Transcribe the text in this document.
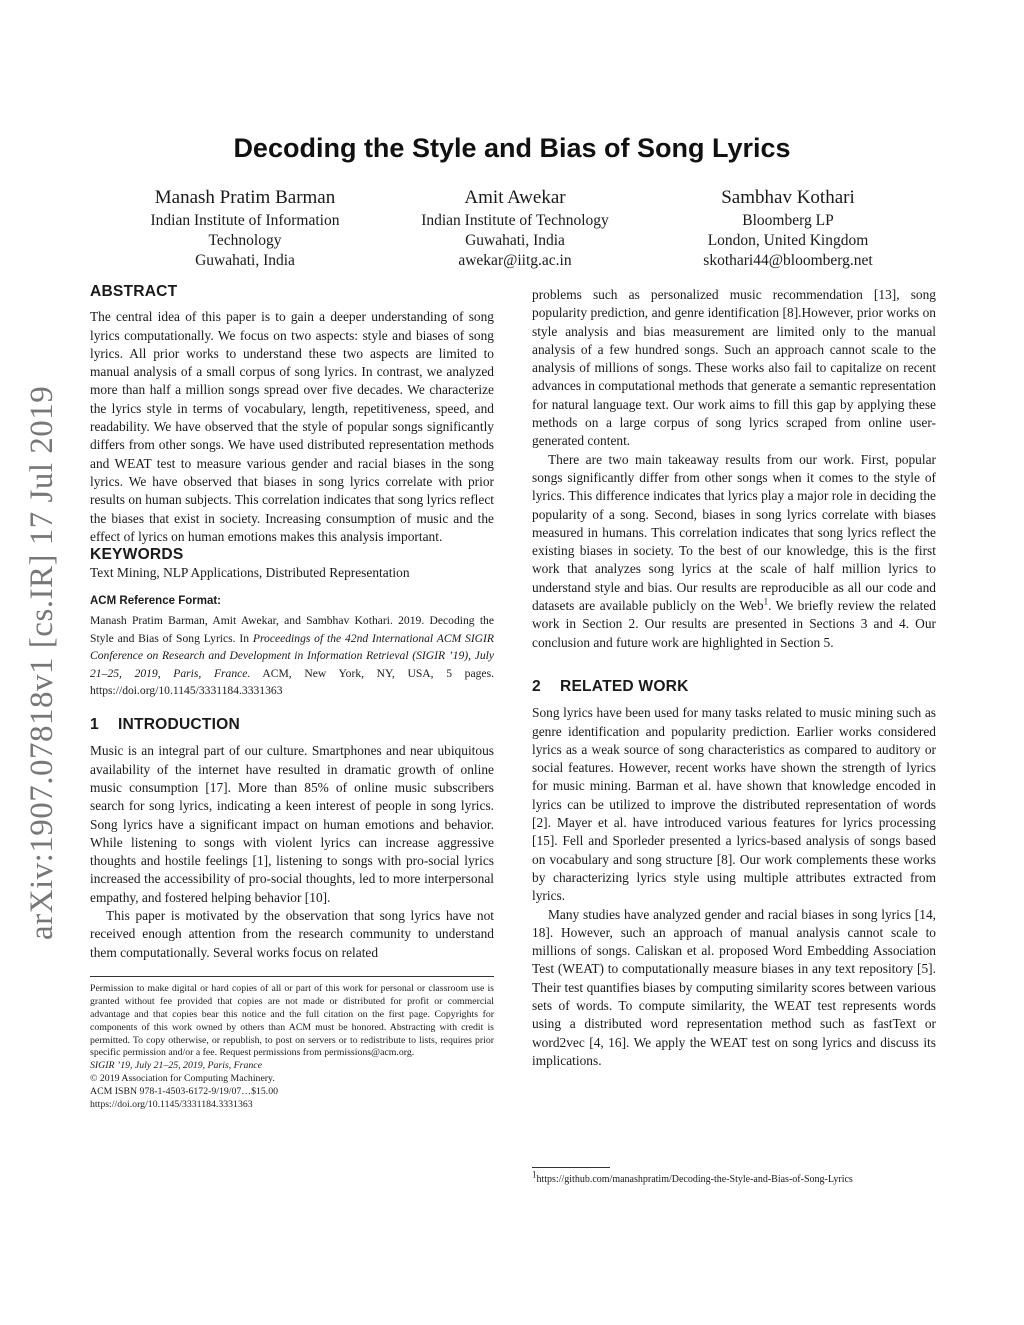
arXiv:1907.07818v1 [cs.IR] 17 Jul 2019
Decoding the Style and Bias of Song Lyrics
Manash Pratim Barman
Indian Institute of Information
Technology
Guwahati, India
Amit Awekar
Indian Institute of Technology
Guwahati, India
awekar@iitg.ac.in
Sambhav Kothari
Bloomberg LP
London, United Kingdom
skothari44@bloomberg.net
ABSTRACT

The central idea of this paper is to gain a deeper understanding of song lyrics computationally. We focus on two aspects: style and biases of song lyrics. All prior works to understand these two aspects are limited to manual analysis of a small corpus of song lyrics. In contrast, we analyzed more than half a million songs spread over five decades. We characterize the lyrics style in terms of vocabulary, length, repetitiveness, speed, and readability. We have observed that the style of popular songs significantly differs from other songs. We have used distributed representation methods and WEAT test to measure various gender and racial biases in the song lyrics. We have observed that biases in song lyrics correlate with prior results on human subjects. This correlation indicates that song lyrics reflect the biases that exist in society. Increasing consumption of music and the effect of lyrics on human emotions makes this analysis important.

KEYWORDS

Text Mining, NLP Applications, Distributed Representation

ACM Reference Format:
Manash Pratim Barman, Amit Awekar, and Sambhav Kothari. 2019. Decoding the Style and Bias of Song Lyrics. In Proceedings of the 42nd International ACM SIGIR Conference on Research and Development in Information Retrieval (SIGIR ’19), July 21–25, 2019, Paris, France. ACM, New York, NY, USA, 5 pages. https://doi.org/10.1145/3331184.3331363
1 INTRODUCTION

Music is an integral part of our culture. Smartphones and near ubiquitous availability of the internet have resulted in dramatic growth of online music consumption [17]. More than 85% of online music subscribers search for song lyrics, indicating a keen interest of people in song lyrics. Song lyrics have a significant impact on human emotions and behavior. While listening to songs with violent lyrics can increase aggressive thoughts and hostile feelings [1], listening to songs with pro-social lyrics increased the accessibility of pro-social thoughts, led to more interpersonal empathy, and fostered helping behavior [10].

This paper is motivated by the observation that song lyrics have not received enough attention from the research community to understand them computationally. Several works focus on related

Permission to make digital or hard copies of all or part of this work for personal or classroom use is granted without fee provided that copies are not made or distributed for profit or commercial advantage and that copies bear this notice and the full citation on the first page. Copyrights for components of this work owned by others than ACM must be honored. Abstracting with credit is permitted. To copy otherwise, or republish, to post on servers or to redistribute to lists, requires prior specific permission and/or a fee. Request permissions from permissions@acm.org.
SIGIR ’19, July 21–25, 2019, Paris, France
© 2019 Association for Computing Machinery.
ACM ISBN 978-1-4503-6172-9/19/07…$15.00
https://doi.org/10.1145/3331184.3331363

problems such as personalized music recommendation [13], song popularity prediction, and genre identification [8].However, prior works on style analysis and bias measurement are limited only to the manual analysis of a few hundred songs. Such an approach cannot scale to the analysis of millions of songs. These works also fail to capitalize on recent advances in computational methods that generate a semantic representation for natural language text. Our work aims to fill this gap by applying these methods on a large corpus of song lyrics scraped from online user-generated content.

There are two main takeaway results from our work. First, popular songs significantly differ from other songs when it comes to the style of lyrics. This difference indicates that lyrics play a major role in deciding the popularity of a song. Second, biases in song lyrics correlate with biases measured in humans. This correlation indicates that song lyrics reflect the existing biases in society. To the best of our knowledge, this is the first work that analyzes song lyrics at the scale of half million lyrics to understand style and bias. Our results are reproducible as all our code and datasets are available publicly on the Web$^1$. We briefly review the related work in Section 2. Our results are presented in Sections 3 and 4. Our conclusion and future work are highlighted in Section 5.

2 RELATED WORK

Song lyrics have been used for many tasks related to music mining such as genre identification and popularity prediction. Earlier works considered lyrics as a weak source of song characteristics as compared to auditory or social features. However, recent works have shown the strength of lyrics for music mining. Barman et al. have shown that knowledge encoded in lyrics can be utilized to improve the distributed representation of words [2]. Mayer et al. have introduced various features for lyrics processing [15]. Fell and Sporleder presented a lyrics-based analysis of songs based on vocabulary and song structure [8]. Our work complements these works by characterizing lyrics style using multiple attributes extracted from lyrics.

Many studies have analyzed gender and racial biases in song lyrics [14, 18]. However, such an approach of manual analysis cannot scale to millions of songs. Caliskan et al. proposed Word Embedding Association Test (WEAT) to computationally measure biases in any text repository [5]. Their test quantifies biases by computing similarity scores between various sets of words. To compute similarity, the WEAT test represents words using a distributed word representation method such as fastText or word2vec [4, 16]. We apply the WEAT test on song lyrics and discuss its implications.

$^1$https://github.com/manashpratim/Decoding-the-Style-and-Bias-of-Song-Lyrics
